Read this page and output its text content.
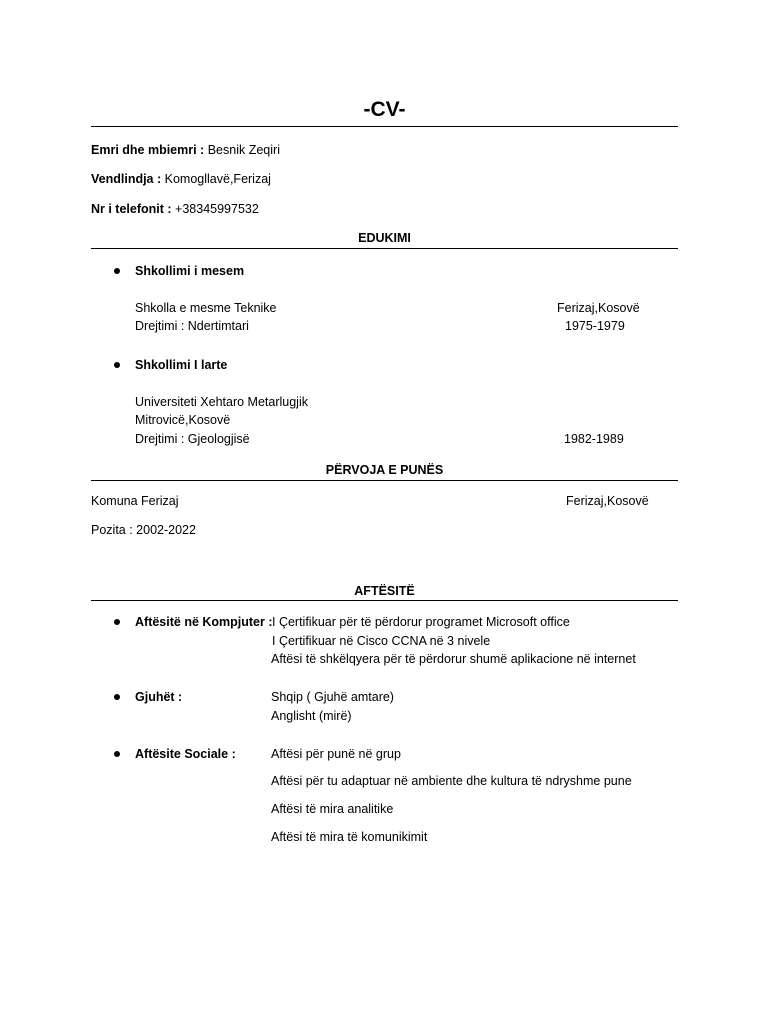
-CV-
Emri dhe mbiemri : Besnik Zeqiri
Vendlindja : Komogllavë,Ferizaj
Nr i telefonit : +38345997532
EDUKIMI
Shkollimi i mesem
Shkolla e mesme Teknike	Ferizaj,Kosovë
Drejtimi : Ndertimtari	1975-1979
Shkollimi I larte
Universiteti Xehtaro Metarlugjik
Mitrovicë,Kosovë
Drejtimi : Gjeologjisë	1982-1989
PËRVOJA E PUNËS
Komuna Ferizaj	Ferizaj,Kosovë
Pozita : 2002-2022
AFTËSITË
Aftësitë në Kompjuter : I Çertifikuar për të përdorur programet Microsoft office
I Çertifikuar në Cisco CCNA në 3 nivele
Aftësi të shkëlqyera për të përdorur shumë aplikacione në internet
Gjuhët :	Shqip ( Gjuhë amtare)
Anglisht (mirë)
Aftësite Sociale :	Aftësi për punë në grup
Aftësi për tu adaptuar në ambiente dhe kultura të ndryshme pune
Aftësi të mira analitike
Aftësi të mira të komunikimit
